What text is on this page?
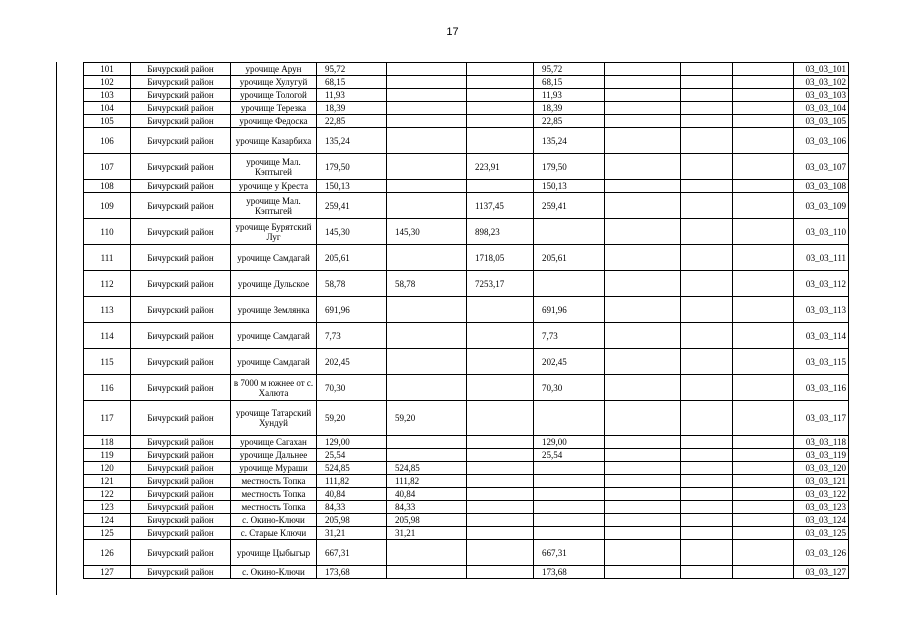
17
101	Бичурский район	урочище Арун	95,72			95,72				03_03_101
102	Бичурский район	урочище Хулугуй	68,15			68,15				03_03_102
103	Бичурский район	урочище Тологой	11,93			11,93				03_03_103
104	Бичурский район	урочище Терезка	18,39			18,39				03_03_104
105	Бичурский район	урочище Федоска	22,85			22,85				03_03_105
106	Бичурский район	урочище Казарбиха	135,24			135,24				03_03_106
107	Бичурский район	урочище Мал. Кэптыгей	179,50		223,91	179,50				03_03_107
108	Бичурский район	урочище у Креста	150,13			150,13				03_03_108
109	Бичурский район	урочище Мал. Кэптыгей	259,41		1137,45	259,41				03_03_109
110	Бичурский район	урочище Бурятский Луг	145,30	145,30	898,23					03_03_110
111	Бичурский район	урочище Самдагай	205,61		1718,05	205,61				03_03_111
112	Бичурский район	урочище Дульское	58,78	58,78	7253,17					03_03_112
113	Бичурский район	урочище Землянка	691,96			691,96				03_03_113
114	Бичурский район	урочище Самдагай	7,73			7,73				03_03_114
115	Бичурский район	урочище Самдагай	202,45			202,45				03_03_115
116	Бичурский район	в 7000 м южнее от с. Халюта	70,30			70,30				03_03_116
117	Бичурский район	урочище Татарский Хундуй	59,20	59,20						03_03_117
118	Бичурский район	урочище Сагахан	129,00			129,00				03_03_118
119	Бичурский район	урочище Дальнее	25,54			25,54				03_03_119
120	Бичурский район	урочище Мураши	524,85	524,85						03_03_120
121	Бичурский район	местность Топка	111,82	111,82						03_03_121
122	Бичурский район	местность Топка	40,84	40,84						03_03_122
123	Бичурский район	местность Топка	84,33	84,33						03_03_123
124	Бичурский район	с. Окино-Ключи	205,98	205,98						03_03_124
125	Бичурский район	с. Старые Ключи	31,21	31,21						03_03_125
126	Бичурский район	урочище Цыбыгыр	667,31			667,31				03_03_126
127	Бичурский район	с. Окино-Ключи	173,68			173,68				03_03_127
